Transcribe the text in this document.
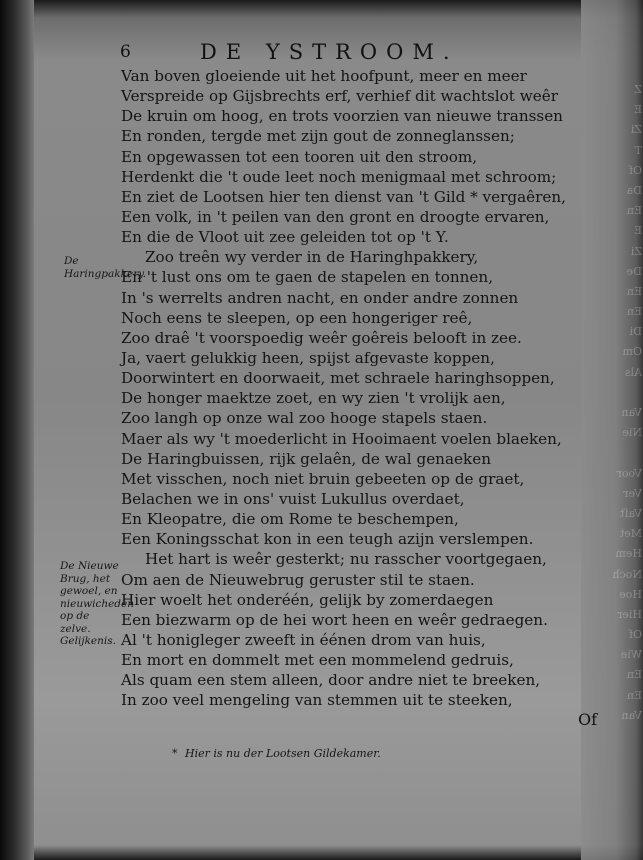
Z
E
Zi
T
Of
Da
En
E
Zi
De
En
En
Di
Om
Als
Van
Nie
Voor
Ver
Vaſt
Met
Hem
Noch
Hoe
Hier
Of
Wie
En
En
Van
6	DE YSTROOM.
Van boven gloeiende uit het hoofpunt, meer en meer
Verspreide op Gijsbrechts erf, verhief dit wachtslot weêr
De kruin om hoog, en trots voorzien van nieuwe transsen
En ronden, tergde met zijn gout de zonneglanssen;
En opgewassen tot een tooren uit den stroom,
Herdenkt die 't oude leet noch menigmaal met schroom;
En ziet de Lootsen hier ten dienst van 't Gild * vergaêren,
Een volk, in 't peilen van den gront en droogte ervaren,
En die de Vloot uit zee geleiden tot op 't Y.
Zoo treên wy verder in de Haringhpakkery,
En 't lust ons om te gaen de stapelen en tonnen,
In 's werrelts andren nacht, en onder andre zonnen
Noch eens te sleepen, op een hongeriger reê,
Zoo draê 't voorspoedig weêr goêreis belooft in zee.
Ja, vaert gelukkig heen, spijst afgevaste koppen,
Doorwintert en doorwaeit, met schraele haringhsoppen,
De honger maektze zoet, en wy zien 't vrolijk aen,
Zoo langh op onze wal zoo hooge stapels staen.
Maer als wy 't moederlicht in Hooimaent voelen blaeken,
De Haringbuissen, rijk gelaên, de wal genaeken
Met visschen, noch niet bruin gebeeten op de graet,
Belachen we in ons' vuist Lukullus overdaet,
En Kleopatre, die om Rome te beschempen,
Een Koningsschat kon in een teugh azijn verslempen.
Het hart is weêr gesterkt; nu rasscher voortgegaen,
Om aen de Nieuwebrug geruster stil te staen.
Hier woelt het onderéén, gelijk by zomerdaegen
Een biezwarm op de hei wort heen en weêr gedraegen.
Al 't honigleger zweeft in éénen drom van huis,
En mort en dommelt met een mommelend gedruis,
Als quam een stem alleen, door andre niet te breeken,
In zoo veel mengeling van stemmen uit te steeken,
De Haringpakkery.
De Nieuwe Brug, het gewoel, en nieuwicheden op de zelve. Gelijkenis.
Of
* Hier is nu der Lootsen Gildekamer.
